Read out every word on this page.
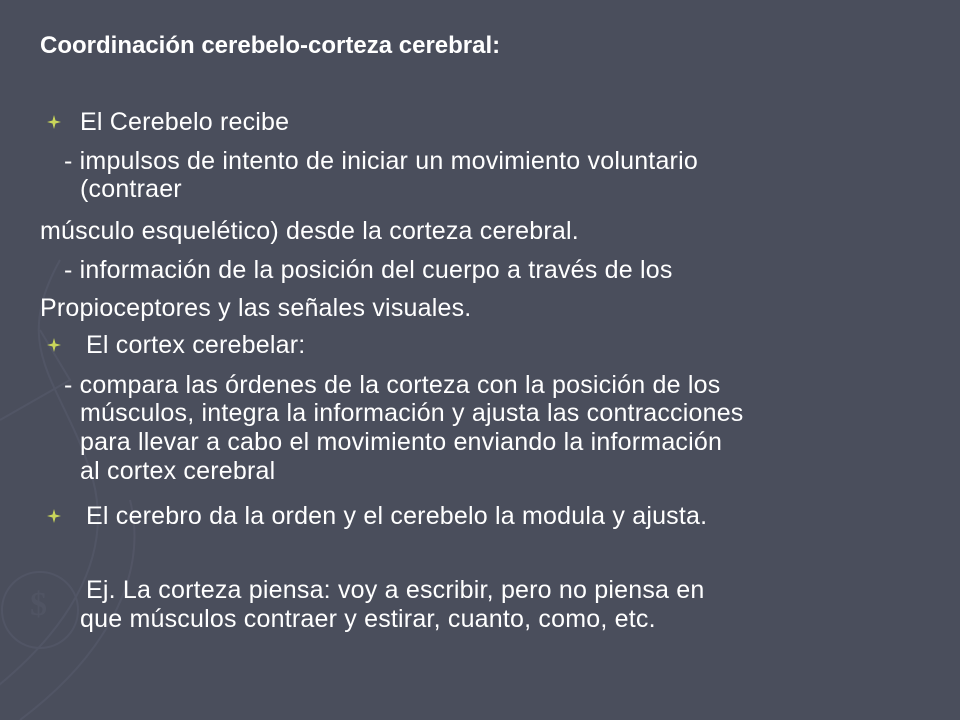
$
Coordinación cerebelo-corteza cerebral:
El Cerebelo recibe
- impulsos de intento de iniciar un movimiento voluntario
(contraer
músculo esquelético) desde la corteza cerebral.
- información de la posición del cuerpo a través de los
Propioceptores y las señales visuales.
El cortex cerebelar:
- compara las órdenes de la corteza con la posición de los
músculos, integra la información y ajusta las contracciones
para llevar a cabo el movimiento enviando la información
al cortex cerebral
El cerebro da la orden y el cerebelo la modula y ajusta.
Ej. La corteza piensa: voy a escribir, pero no piensa en
que músculos contraer y estirar, cuanto, como, etc.
